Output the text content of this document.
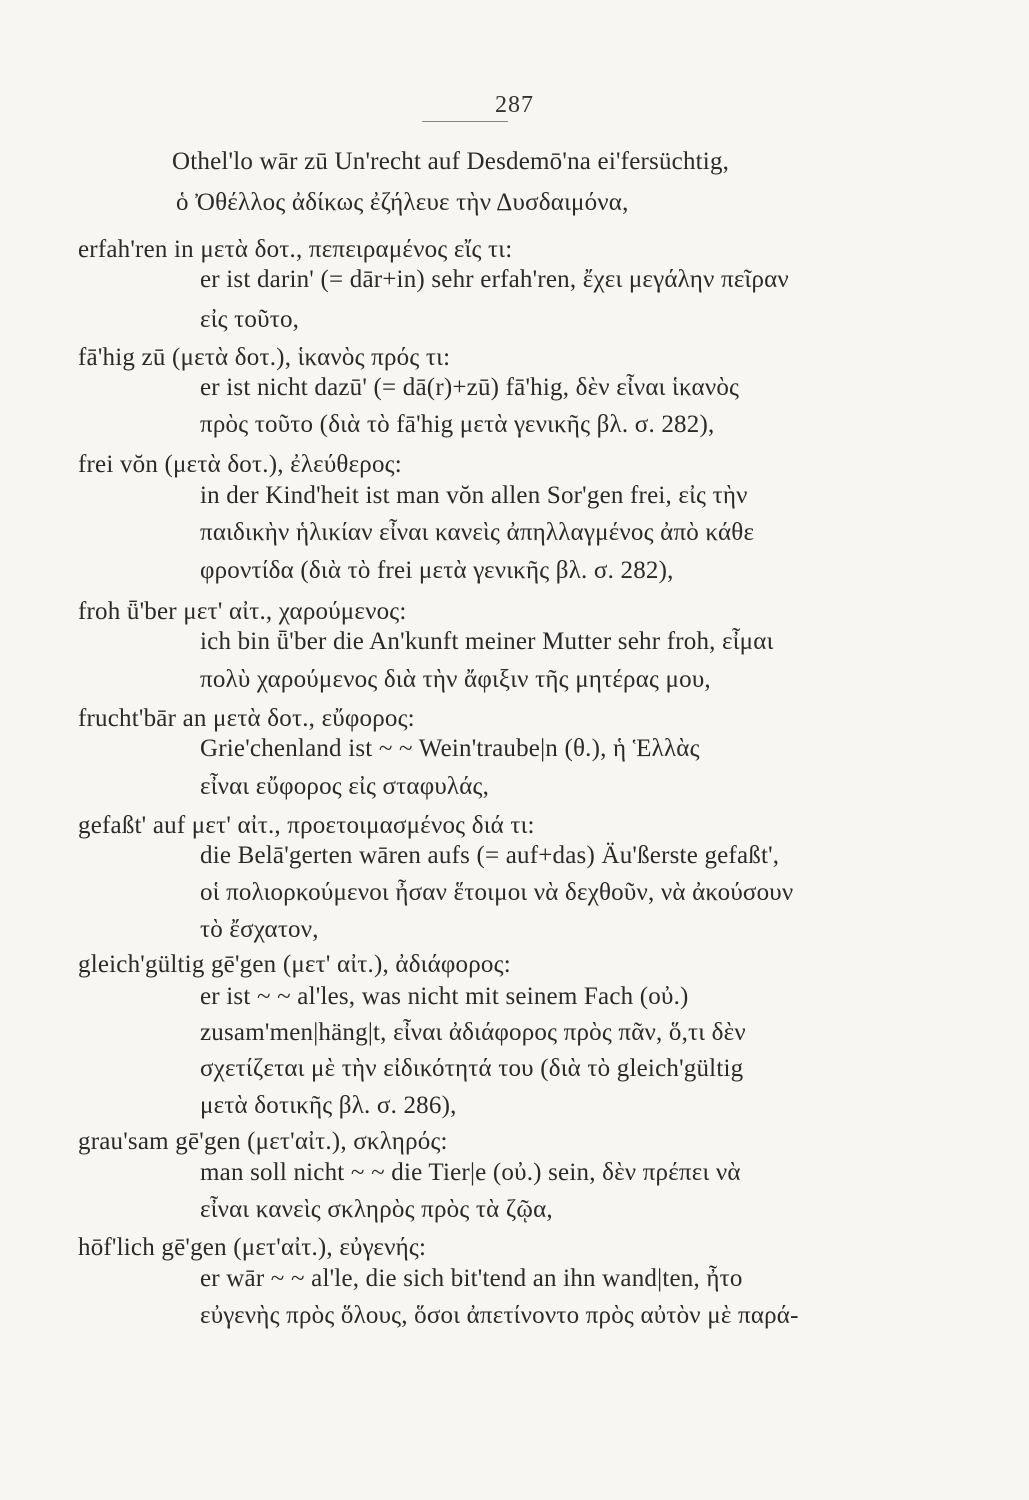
287
Othel'lo wār zū Un'recht auf Desdemō'na ei'fersüchtig,
ὁ Ὀθέλλος ἀδίκως ἐζήλευε τὴν Δυσδαιμόνα,
erfah'ren in μετὰ δοτ., πεπειραμένος εἴς τι:
er ist darin' (= dār+in) sehr erfah'ren, ἔχει μεγάλην πεῖραν
εἰς τοῦτο,
fā'hig zū (μετὰ δοτ.), ἱκανὸς πρός τι:
er ist nicht dazū' (= dā(r)+zū) fā'hig, δὲν εἶναι ἱκανὸς
πρὸς τοῦτο (διὰ τὸ fā'hig μετὰ γενικῆς βλ. σ. 282),
frei vŏn (μετὰ δοτ.), ἐλεύθερος:
in der Kind'heit ist man vŏn allen Sor'gen frei, εἰς τὴν
παιδικὴν ἡλικίαν εἶναι κανεὶς ἀπηλλαγμένος ἀπὸ κάθε
φροντίδα (διὰ τὸ frei μετὰ γενικῆς βλ. σ. 282),
froh ǖ'ber μετ' αἰτ., χαρούμενος:
ich bin ǖ'ber die An'kunft meiner Mutter sehr froh, εἶμαι
πολὺ χαρούμενος διὰ τὴν ἄφιξιν τῆς μητέρας μου,
frucht'bār an μετὰ δοτ., εὔφορος:
Grie'chenland ist ~ ~ Wein'traube|n (θ.), ἡ Ἑλλὰς
εἶναι εὔφορος εἰς σταφυλάς,
gefaßt' auf μετ' αἰτ., προετοιμασμένος διά τι:
die Belā'gerten wāren aufs (= auf+das) Äu'ßerste gefaßt',
οἱ πολιορκούμενοι ἦσαν ἕτοιμοι νὰ δεχθοῦν, νὰ ἀκούσουν
τὸ ἔσχατον,
gleich'gültig gē'gen (μετ' αἰτ.), ἀδιάφορος:
er ist ~ ~ al'les, was nicht mit seinem Fach (οὐ.)
zusam'men|häng|t, εἶναι ἀδιάφορος πρὸς πᾶν, ὅ,τι δὲν
σχετίζεται μὲ τὴν εἰδικότητά του (διὰ τὸ gleich'gültig
μετὰ δοτικῆς βλ. σ. 286),
grau'sam gē'gen (μετ'αἰτ.), σκληρός:
man soll nicht ~ ~ die Tier|e (οὐ.) sein, δὲν πρέπει νὰ
εἶναι κανεὶς σκληρὸς πρὸς τὰ ζῷα,
hōf'lich gē'gen (μετ'αἰτ.), εὐγενής:
er wār ~ ~ al'le, die sich bit'tend an ihn wand|ten, ἦτο
εὐγενὴς πρὸς ὅλους, ὅσοι ἀπετίνοντο πρὸς αὐτὸν μὲ παρά-
